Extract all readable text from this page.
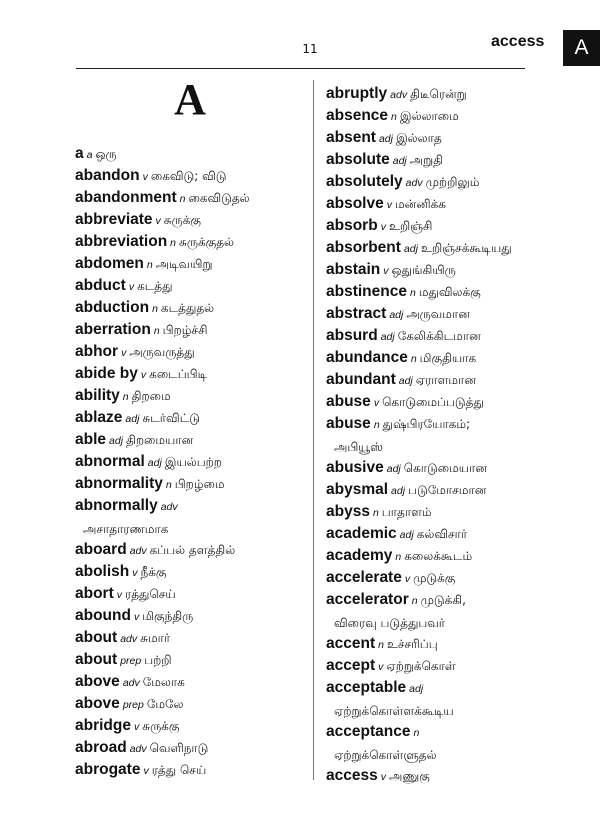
11	access A
A
a a ஒரு
abandon v கைவிடு; விடு
abandonment n கைவிடுதல்
abbreviate v சுருக்கு
abbreviation n சுருக்குதல்
abdomen n அடிவயிறு
abduct v கடத்து
abduction n கடத்துதல்
aberration n பிறழ்ச்சி
abhor v அருவருத்து
abide by v கடைப்பிடி
ability n திறமை
ablaze adj சுடர்விட்டு
able adj திறமையான
abnormal adj இயல்பற்ற
abnormality n பிறழ்மை
abnormally adv
அசாதாரணமாக
aboard adv கப்பல் தளத்தில்
abolish v நீக்கு
abort v ரத்துசெய்
abound v மிகுந்திரு
about adv சுமார்
about prep பற்றி
above adv மேலாக
above prep மேலே
abridge v சுருக்கு
abroad adv வெளிநாடு
abrogate v ரத்து செய்
abruptly adv திடீரென்று
absence n இல்லாமை
absent adj இல்லாத
absolute adj அறுதி
absolutely adv முற்றிலும்
absolve v மன்னிக்க
absorb v உறிஞ்சி
absorbent adj உறிஞ்சக்கூடியது
abstain v ஒதுங்கியிரு
abstinence n மதுவிலக்கு
abstract adj அருவமான
absurd adj கேலிக்கிடமான
abundance n மிகுதியாக
abundant adj ஏராளமான
abuse v கொடுமைப்படுத்து
abuse n துஷ்பிரயோகம்;
அபியூஸ்
abusive adj கொடுமையான
abysmal adj படுமோசமான
abyss n பாதாளம்
academic adj கல்விசார்
academy n கலைக்கூடம்
accelerate v முடுக்கு
accelerator n முடுக்கி,
விரைவு படுத்துபவர்
accent n உச்சரிப்பு
accept v ஏற்றுக்கொள்
acceptable adj
ஏற்றுக்கொள்ளக்கூடிய
acceptance n
ஏற்றுக்கொள்ளுதல்
access v அணுகு
